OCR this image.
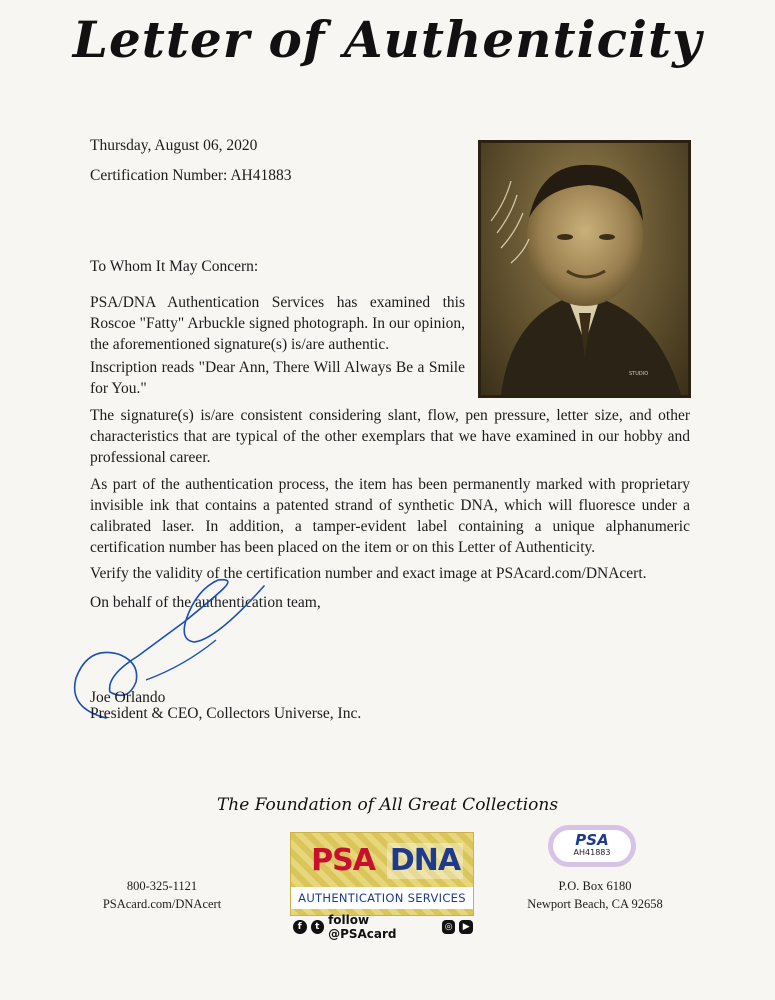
Letter of Authenticity
Thursday, August 06, 2020
Certification Number: AH41883
STUDIO
To Whom It May Concern:

PSA/DNA Authentication Services has examined this Roscoe "Fatty" Arbuckle signed photograph. In our opinion, the aforementioned signature(s) is/are authentic.

Inscription reads "Dear Ann, There Will Always Be a Smile for You."

The signature(s) is/are consistent considering slant, flow, pen pressure, letter size, and other characteristics that are typical of the other exemplars that we have examined in our hobby and professional career.

As part of the authentication process, the item has been permanently marked with proprietary invisible ink that contains a patented strand of synthetic DNA, which will fluoresce under a calibrated laser. In addition, a tamper-evident label containing a unique alphanumeric certification number has been placed on the item or on this Letter of Authenticity.

Verify the validity of the certification number and exact image at PSAcard.com/DNAcert.

On behalf of the authentication team,

Joe Orlando
President & CEO, Collectors Universe, Inc.
The Foundation of All Great Collections
800-325-1121
PSAcard.com/DNAcert
PSA DNA
AUTHENTICATION SERVICES
f	t follow @PSAcard	◎	▶
PSA
AH41883
P.O. Box 6180
Newport Beach, CA 92658
